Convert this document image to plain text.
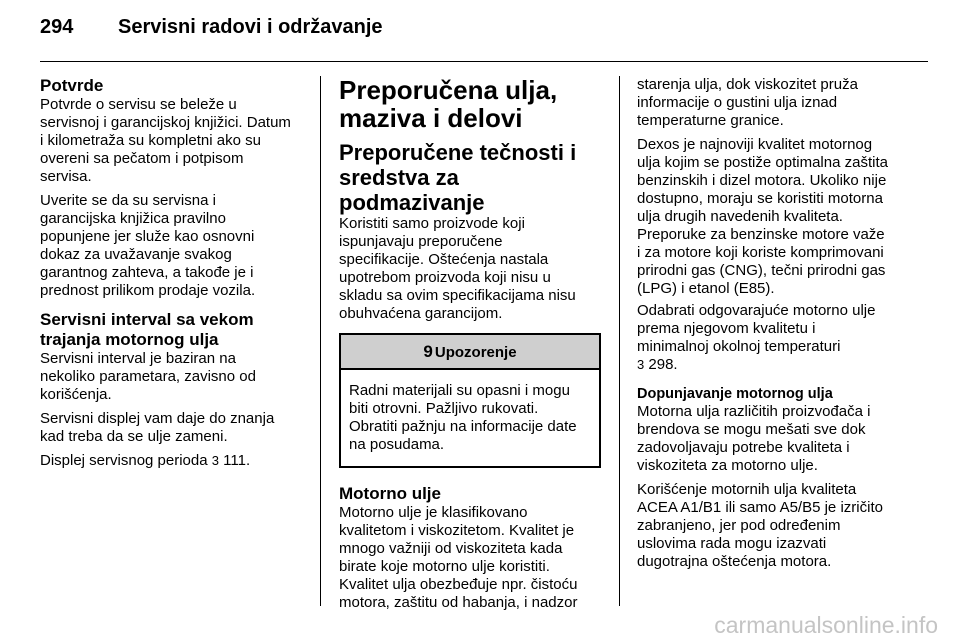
294 Servisni radovi i održavanje
Potvrde

Potvrde o servisu se beleže u
servisnoj i garancijskoj knjižici. Datum
i kilometraža su kompletni ako su
overeni sa pečatom i potpisom
servisa.

Uverite se da su servisna i
garancijska knjižica pravilno
popunjene jer služe kao osnovni
dokaz za uvažavanje svakog
garantnog zahteva, a takođe je i
prednost prilikom prodaje vozila.

Servisni interval sa vekom
trajanja motornog ulja

Servisni interval je baziran na
nekoliko parametara, zavisno od
korišćenja.

Servisni displej vam daje do znanja
kad treba da se ulje zameni.

Displej servisnog perioda 3 111.

Preporučena ulja,
maziva i delovi
Preporučene tečnosti i
sredstva za podmazivanje

Koristiti samo proizvode koji
ispunjavaju preporučene
specifikacije. Oštećenja nastala
upotrebom proizvoda koji nisu u
skladu sa ovim specifikacijama nisu
obuhvaćena garancijom.

9 Upozorenje
Radni materijali su opasni i mogu
biti otrovni. Pažljivo rukovati.
Obratiti pažnju na informacije date
na posudama.
Motorno ulje

Motorno ulje je klasifikovano
kvalitetom i viskozitetom. Kvalitet je
mnogo važniji od viskoziteta kada
birate koje motorno ulje koristiti.
Kvalitet ulja obezbeđuje npr. čistoću
motora, zaštitu od habanja, i nadzor

starenja ulja, dok viskozitet pruža
informacije o gustini ulja iznad
temperaturne granice.

Dexos je najnoviji kvalitet motornog
ulja kojim se postiže optimalna zaštita
benzinskih i dizel motora. Ukoliko nije
dostupno, moraju se koristiti motorna
ulja drugih navedenih kvaliteta.
Preporuke za benzinske motore važe
i za motore koji koriste komprimovani
prirodni gas (CNG), tečni prirodni gas
(LPG) i etanol (E85).

Odabrati odgovarajuće motorno ulje
prema njegovom kvalitetu i
minimalnoj okolnoj temperaturi
3 298.

Dopunjavanje motornog ulja

Motorna ulja različitih proizvođača i
brendova se mogu mešati sve dok
zadovoljavaju potrebe kvaliteta i
viskoziteta za motorno ulje.

Korišćenje motornih ulja kvaliteta
ACEA A1/B1 ili samo A5/B5 je izričito
zabranjeno, jer pod određenim
uslovima rada mogu izazvati
dugotrajna oštećenja motora.

carmanualsonline.info
